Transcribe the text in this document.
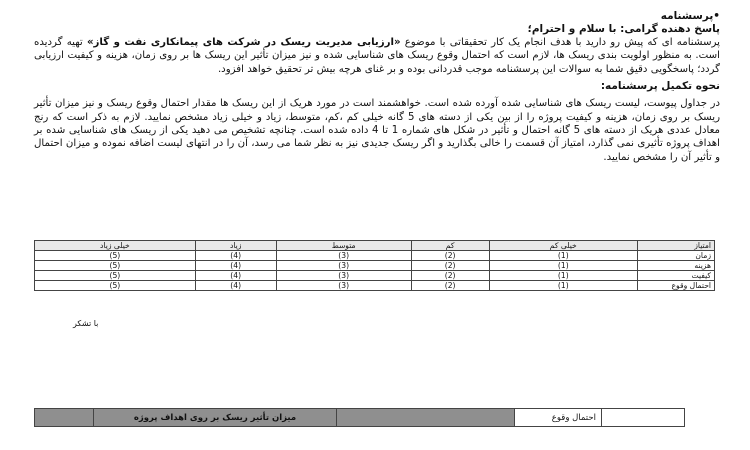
•پرسشنامه

پاسخ دهنده گرامی: با سلام و احترام؛

پرسشنامه ای که پیش رو دارید با هدف انجام یک کار تحقیقاتی با موضوع «ارزیابی مدیریت ریسک در شرکت های پیمانکاری نفت و گاز» تهیه گردیده است. به منظور اولویت بندی ریسک ها، لازم است که احتمال وقوع ریسک های شناسایی شده و نیز میزان تأثیر این ریسک ها بر روی زمان، هزینه و کیفیت ارزیابی گردد؛ پاسخگویی دقیق شما به سوالات این پرسشنامه موجب قدردانی بوده و بر غنای هرچه بیش تر تحقیق خواهد افزود.

نحوه تکمیل پرسشنامه:

در جداول پیوست، لیست ریسک های شناسایی شده آورده شده است. خواهشمند است در مورد هریک از این ریسک ها مقدار احتمال وقوع ریسک و نیز میزان تأثیر ریسک بر روی زمان، هزینه و کیفیت پروژه را از بین یکی از دسته های 5 گانه خیلی کم ،کم، متوسط، زیاد و خیلی زیاد مشخص نمایید. لازم به ذکر است که رنج معادل عددی هریک از دسته های 5 گانه احتمال و تأثیر در شکل های شماره 1 تا 4 داده شده است. چنانچه تشخیص می دهید یکی از ریسک های شناسایی شده بر اهداف پروژه تأثیری نمی گذارد، امتیاز آن قسمت را خالی بگذارید و اگر ریسک جدیدی نیز به نظر شما می رسد، آن را در انتهای لیست اضافه نموده و میزان احتمال و تأثیر آن را مشخص نمایید.

امتیاز	خیلی کم	کم	متوسط	زیاد	خیلی زیاد
زمان	(1)	(2)	(3)	(4)	(5)
هزینه	(1)	(2)	(3)	(4)	(5)
کیفیت	(1)	(2)	(3)	(4)	(5)
احتمال وقوع	(1)	(2)	(3)	(4)	(5)
با تشکر
	احتمال وقوع		میزان تأثیر ریسک بر روی اهداف پروژه	
